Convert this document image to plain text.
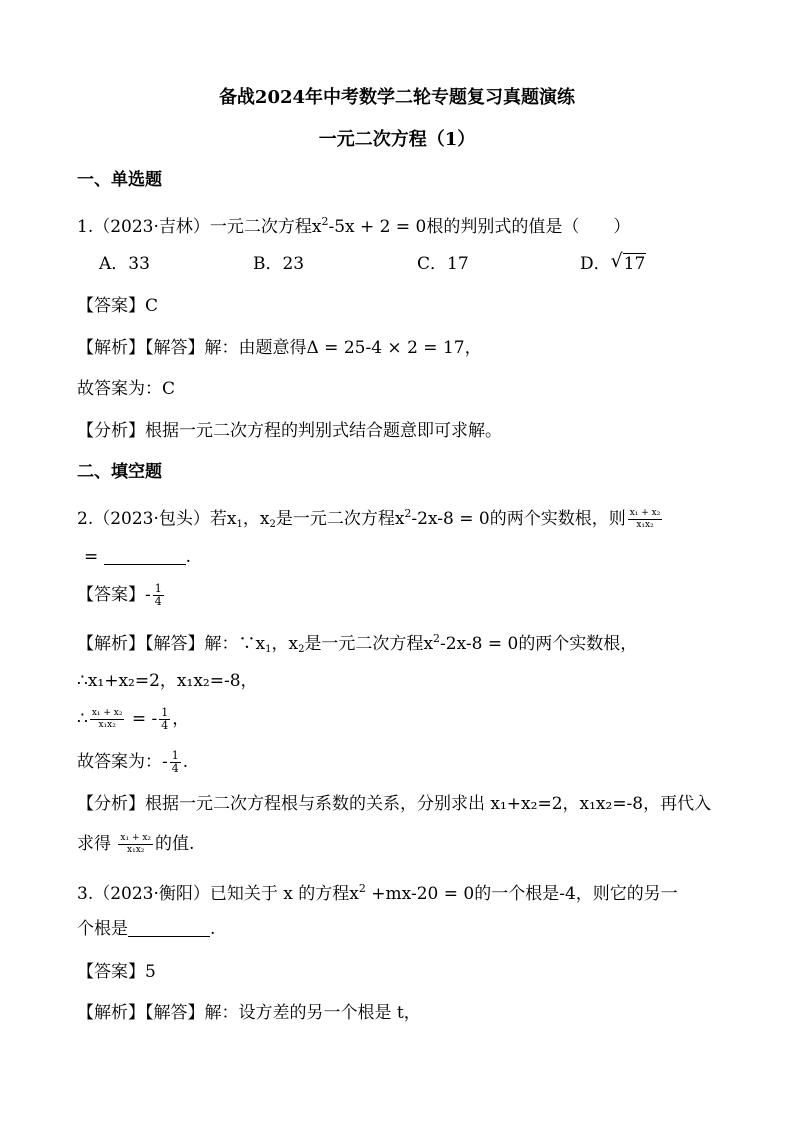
备战2024年中考数学二轮专题复习真题演练
一元二次方程（1）
一、单选题
1.（2023·吉林）一元二次方程$x^2-5x + 2 = 0$根的判别式的值是（　　）
A．33	B．23	C．17	D． √ 17
【答案】C
【解析】【解答】解：由题意得Δ = 25-4 × 2 = 17，
故答案为：C
【分析】根据一元二次方程的判别式结合题意即可求解。
二、填空题
2.（2023·包头）若$x_1$，$x_2$是一元二次方程$x^2-2x-8 = 0$的两个实数根，则 $\frac{\text{x₁ + x₂}}{\text{x₁x₂}}$
=	.
【答案】- $\frac{1}{4}$
【解析】【解答】解：$\because x_1$，$x_2$是一元二次方程$x^2-2x-8 = 0$的两个实数根，
∴x₁+x₂=2，x₁x₂=-8，
∴ $\frac{\text{x₁ + x₂}}{\text{x₁x₂}}$ = - $\frac{1}{4}$ ，
故答案为：- $\frac{1}{4}$ .
【分析】根据一元二次方程根与系数的关系，分别求出 x₁+x₂=2，x₁x₂=-8，再代入
求得 $\frac{\text{x₁ + x₂}}{\text{x₁x₂}}$ 的值.
3.（2023·衡阳）已知关于 x 的方程$x^2 +mx-20 = 0$的一个根是-4，则它的另一
个根是	.
【答案】5
【解析】【解答】解：设方差的另一个根是 t，
